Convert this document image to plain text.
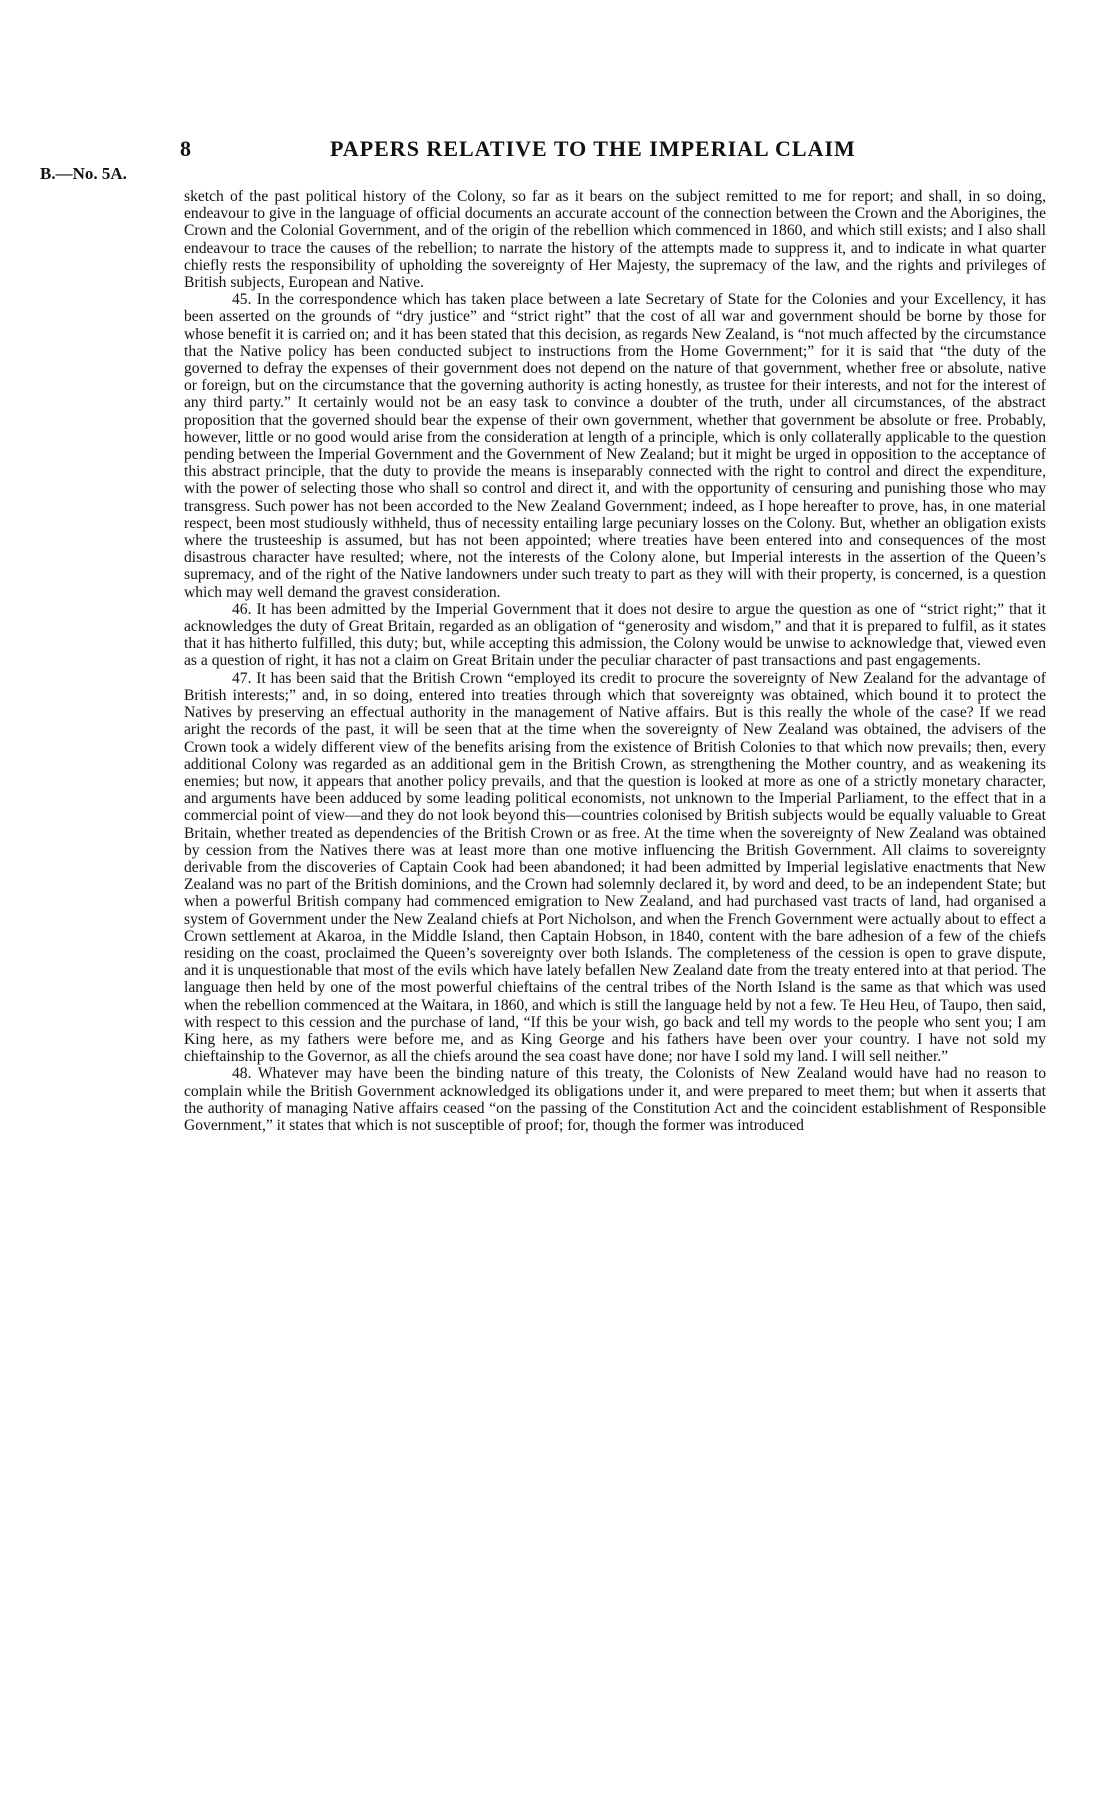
8	PAPERS RELATIVE TO THE IMPERIAL CLAIM
B.—No. 5A.

sketch of the past political history of the Colony, so far as it bears on the subject remitted to me for report; and shall, in so doing, endeavour to give in the language of official documents an accurate account of the connection between the Crown and the Aborigines, the Crown and the Colonial Government, and of the origin of the rebellion which commenced in 1860, and which still exists; and I also shall endeavour to trace the causes of the rebellion; to narrate the history of the attempts made to suppress it, and to indicate in what quarter chiefly rests the responsibility of upholding the sovereignty of Her Majesty, the supremacy of the law, and the rights and privileges of British subjects, European and Native.

45. In the correspondence which has taken place between a late Secretary of State for the Colonies and your Excellency, it has been asserted on the grounds of “dry justice” and “strict right” that the cost of all war and government should be borne by those for whose benefit it is carried on; and it has been stated that this decision, as regards New Zealand, is “not much affected by the circumstance that the Native policy has been conducted subject to instructions from the Home Government;” for it is said that “the duty of the governed to defray the expenses of their government does not depend on the nature of that government, whether free or absolute, native or foreign, but on the circumstance that the governing authority is acting honestly, as trustee for their interests, and not for the interest of any third party.” It certainly would not be an easy task to convince a doubter of the truth, under all circumstances, of the abstract proposition that the governed should bear the expense of their own government, whether that government be absolute or free. Probably, however, little or no good would arise from the consideration at length of a principle, which is only collaterally applicable to the question pending between the Imperial Government and the Government of New Zealand; but it might be urged in opposition to the acceptance of this abstract principle, that the duty to provide the means is inseparably connected with the right to control and direct the expenditure, with the power of selecting those who shall so control and direct it, and with the opportunity of censuring and punishing those who may transgress. Such power has not been accorded to the New Zealand Government; indeed, as I hope hereafter to prove, has, in one material respect, been most studiously withheld, thus of necessity entailing large pecuniary losses on the Colony. But, whether an obligation exists where the trusteeship is assumed, but has not been appointed; where treaties have been entered into and consequences of the most disastrous character have resulted; where, not the interests of the Colony alone, but Imperial interests in the assertion of the Queen’s supremacy, and of the right of the Native landowners under such treaty to part as they will with their property, is concerned, is a question which may well demand the gravest consideration.

46. It has been admitted by the Imperial Government that it does not desire to argue the question as one of “strict right;” that it acknowledges the duty of Great Britain, regarded as an obligation of “generosity and wisdom,” and that it is prepared to fulfil, as it states that it has hitherto fulfilled, this duty; but, while accepting this admission, the Colony would be unwise to acknowledge that, viewed even as a question of right, it has not a claim on Great Britain under the peculiar character of past transactions and past engagements.

47. It has been said that the British Crown “employed its credit to procure the sovereignty of New Zealand for the advantage of British interests;” and, in so doing, entered into treaties through which that sovereignty was obtained, which bound it to protect the Natives by preserving an effectual authority in the management of Native affairs. But is this really the whole of the case? If we read aright the records of the past, it will be seen that at the time when the sovereignty of New Zealand was obtained, the advisers of the Crown took a widely different view of the benefits arising from the existence of British Colonies to that which now prevails; then, every additional Colony was regarded as an additional gem in the British Crown, as strengthening the Mother country, and as weakening its enemies; but now, it appears that another policy prevails, and that the question is looked at more as one of a strictly monetary character, and arguments have been adduced by some leading political economists, not unknown to the Imperial Parliament, to the effect that in a commercial point of view—and they do not look beyond this—countries colonised by British subjects would be equally valuable to Great Britain, whether treated as dependencies of the British Crown or as free. At the time when the sovereignty of New Zealand was obtained by cession from the Natives there was at least more than one motive influencing the British Government. All claims to sovereignty derivable from the discoveries of Captain Cook had been abandoned; it had been admitted by Imperial legislative enactments that New Zealand was no part of the British dominions, and the Crown had solemnly declared it, by word and deed, to be an independent State; but when a powerful British company had commenced emigration to New Zealand, and had purchased vast tracts of land, had organised a system of Government under the New Zealand chiefs at Port Nicholson, and when the French Government were actually about to effect a Crown settlement at Akaroa, in the Middle Island, then Captain Hobson, in 1840, content with the bare adhesion of a few of the chiefs residing on the coast, proclaimed the Queen’s sovereignty over both Islands. The completeness of the cession is open to grave dispute, and it is unquestionable that most of the evils which have lately befallen New Zealand date from the treaty entered into at that period. The language then held by one of the most powerful chieftains of the central tribes of the North Island is the same as that which was used when the rebellion commenced at the Waitara, in 1860, and which is still the language held by not a few. Te Heu Heu, of Taupo, then said, with respect to this cession and the purchase of land, “If this be your wish, go back and tell my words to the people who sent you; I am King here, as my fathers were before me, and as King George and his fathers have been over your country. I have not sold my chieftainship to the Governor, as all the chiefs around the sea coast have done; nor have I sold my land. I will sell neither.”

48. Whatever may have been the binding nature of this treaty, the Colonists of New Zealand would have had no reason to complain while the British Government acknowledged its obligations under it, and were prepared to meet them; but when it asserts that the authority of managing Native affairs ceased “on the passing of the Constitution Act and the coincident establishment of Responsible Government,” it states that which is not susceptible of proof; for, though the former was introduced
